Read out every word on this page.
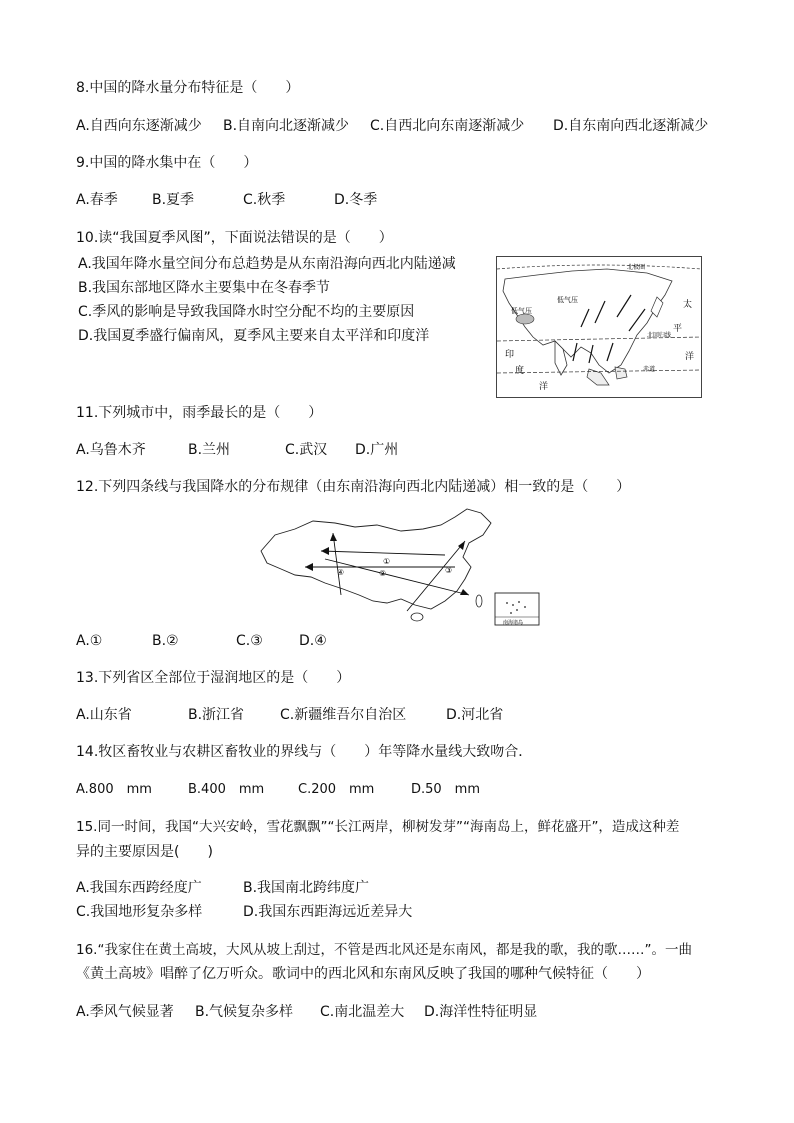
8.中国的降水量分布特征是（　　）
A.自西向东逐渐减少 B.自南向北逐渐减少 C.自西北向东南逐渐减少 D.自东南向西北逐渐减少
9.中国的降水集中在（　　）
A.春季 B.夏季	C.秋季	D.冬季
10.读“我国夏季风图”，下面说法错误的是（　　）
A.我国年降水量空间分布总趋势是从东南沿海向西北内陆递减
B.我国东部地区降水主要集中在冬春季节
C.季风的影响是导致我国降水时空分配不均的主要原因
D.我国夏季盛行偏南风，夏季风主要来自太平洋和印度洋
北极圈
低气压
低气压
北回归线
赤道
太
平
洋
印
度
洋
11.下列城市中，雨季最长的是（　　）
A.乌鲁木齐	B.兰州	C.武汉 D.广州
12.下列四条线与我国降水的分布规律（由东南沿海向西北内陆递减）相一致的是（　　）
①
②	③
④
南海诸岛
A.①	B.②	C.③	D.④
13.下列省区全部位于湿润地区的是（　　）
A.山东省	B.浙江省	C.新疆维吾尔自治区	D.河北省
14.牧区畜牧业与农耕区畜牧业的界线与（　　）年等降水量线大致吻合．
A.800　mm	B.400　mm	C.200　mm	D.50　mm
15.同一时间，我国“大兴安岭，雪花飘飘”“长江两岸，柳树发芽”“海南岛上，鲜花盛开”，造成这种差
异的主要原因是(　　)
A.我国东西跨经度广	B.我国南北跨纬度广
C.我国地形复杂多样	D.我国东西距海远近差异大
16.“我家住在黄土高坡，大风从坡上刮过，不管是西北风还是东南风，都是我的歌，我的歌……”。一曲
《黄土高坡》唱醉了亿万听众。歌词中的西北风和东南风反映了我国的哪种气候特征（　　）
A.季风气候显著 B.气候复杂多样 C.南北温差大 D.海洋性特征明显
